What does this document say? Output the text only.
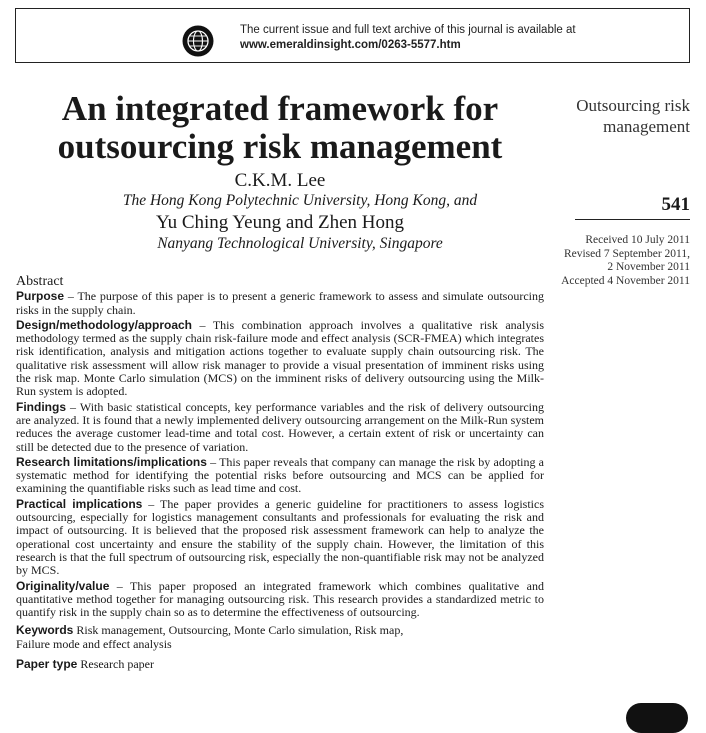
The current issue and full text archive of this journal is available at
www.emeraldinsight.com/0263-5577.htm
An integrated framework for
outsourcing risk management
C.K.M. Lee
The Hong Kong Polytechnic University, Hong Kong, and
Yu Ching Yeung and Zhen Hong
Nanyang Technological University, Singapore
Outsourcing risk
management
541
Received 10 July 2011
Revised 7 September 2011,
2 November 2011
Accepted 4 November 2011
Abstract

Purpose – The purpose of this paper is to present a generic framework to assess and simulate outsourcing risks in the supply chain.

Design/methodology/approach – This combination approach involves a qualitative risk analysis methodology termed as the supply chain risk-failure mode and effect analysis (SCR-FMEA) which integrates risk identification, analysis and mitigation actions together to evaluate supply chain outsourcing risk. The qualitative risk assessment will allow risk manager to provide a visual presentation of imminent risks using the risk map. Monte Carlo simulation (MCS) on the imminent risks of delivery outsourcing using the Milk-Run system is adopted.

Findings – With basic statistical concepts, key performance variables and the risk of delivery outsourcing are analyzed. It is found that a newly implemented delivery outsourcing arrangement on the Milk-Run system reduces the average customer lead-time and total cost. However, a certain extent of risk or uncertainty can still be detected due to the presence of variation.

Research limitations/implications – This paper reveals that company can manage the risk by adopting a systematic method for identifying the potential risks before outsourcing and MCS can be applied for examining the quantifiable risks such as lead time and cost.

Practical implications – The paper provides a generic guideline for practitioners to assess logistics outsourcing, especially for logistics management consultants and professionals for evaluating the risk and impact of outsourcing. It is believed that the proposed risk assessment framework can help to analyze the operational cost uncertainty and ensure the stability of the supply chain. However, the limitation of this research is that the full spectrum of outsourcing risk, especially the non-quantifiable risk may not be analyzed by MCS.

Originality/value – This paper proposed an integrated framework which combines qualitative and quantitative method together for managing outsourcing risk. This research provides a standardized metric to quantify risk in the supply chain so as to determine the effectiveness of outsourcing.

Keywords Risk management, Outsourcing, Monte Carlo simulation, Risk map,
Failure mode and effect analysis

Paper type Research paper
